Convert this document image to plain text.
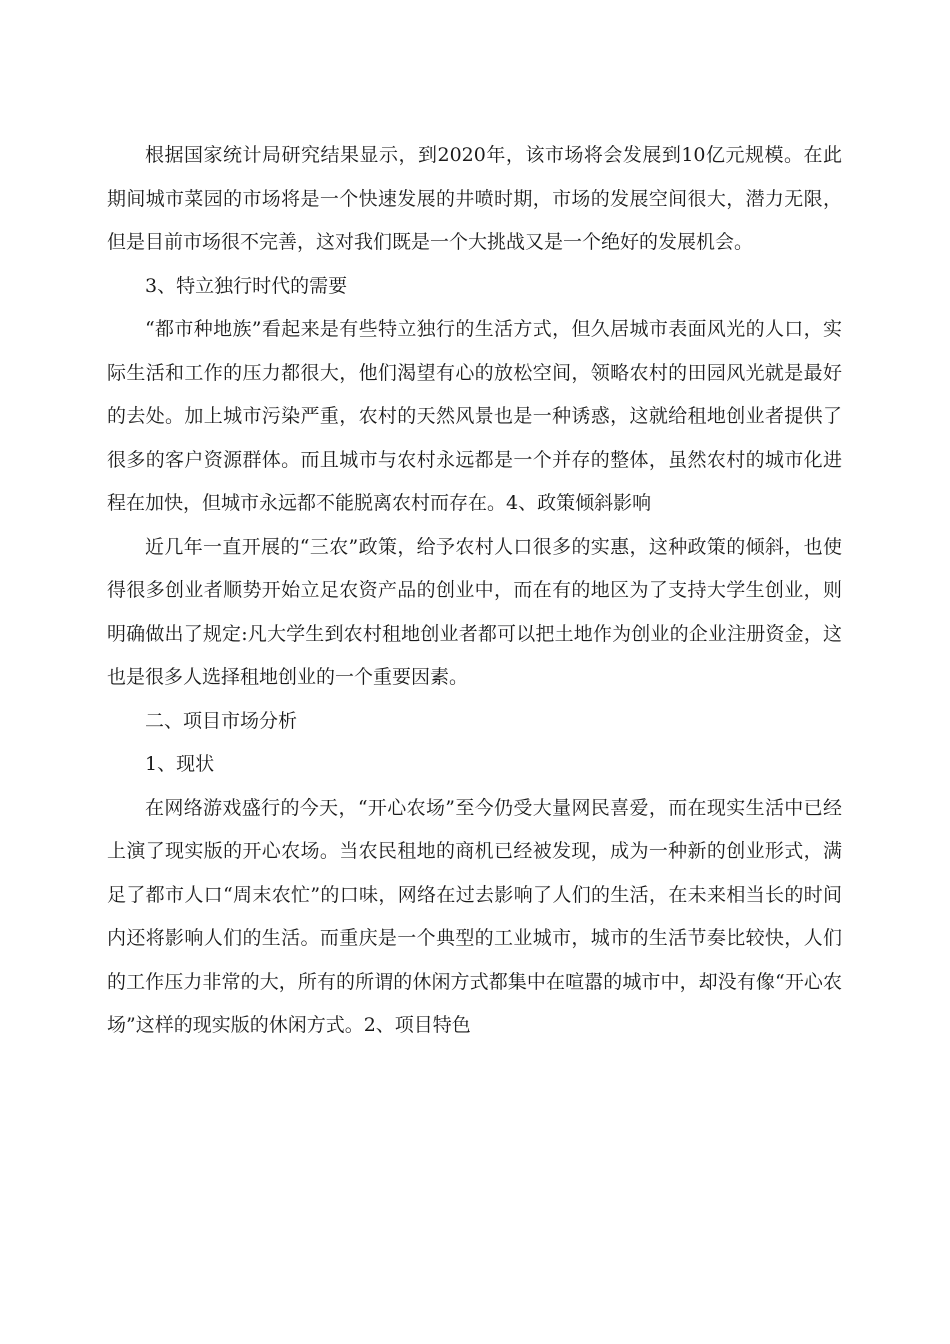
根据国家统计局研究结果显示，到2020年，该市场将会发展到10亿元规模。在此期间城市菜园的市场将是一个快速发展的井喷时期，市场的发展空间很大，潜力无限，但是目前市场很不完善，这对我们既是一个大挑战又是一个绝好的发展机会。

3、特立独行时代的需要

“都市种地族”看起来是有些特立独行的生活方式，但久居城市表面风光的人口，实际生活和工作的压力都很大，他们渴望有心的放松空间，领略农村的田园风光就是最好的去处。加上城市污染严重，农村的天然风景也是一种诱惑，这就给租地创业者提供了很多的客户资源群体。而且城市与农村永远都是一个并存的整体，虽然农村的城市化进程在加快，但城市永远都不能脱离农村而存在。4、政策倾斜影响

近几年一直开展的“三农”政策，给予农村人口很多的实惠，这种政策的倾斜，也使得很多创业者顺势开始立足农资产品的创业中，而在有的地区为了支持大学生创业，则明确做出了规定:凡大学生到农村租地创业者都可以把土地作为创业的企业注册资金，这也是很多人选择租地创业的一个重要因素。

二、项目市场分析

1、现状

在网络游戏盛行的今天，“开心农场”至今仍受大量网民喜爱，而在现实生活中已经上演了现实版的开心农场。当农民租地的商机已经被发现，成为一种新的创业形式，满足了都市人口“周末农忙”的口味，网络在过去影响了人们的生活，在未来相当长的时间内还将影响人们的生活。而重庆是一个典型的工业城市，城市的生活节奏比较快，人们的工作压力非常的大，所有的所谓的休闲方式都集中在喧嚣的城市中，却没有像“开心农场”这样的现实版的休闲方式。2、项目特色
